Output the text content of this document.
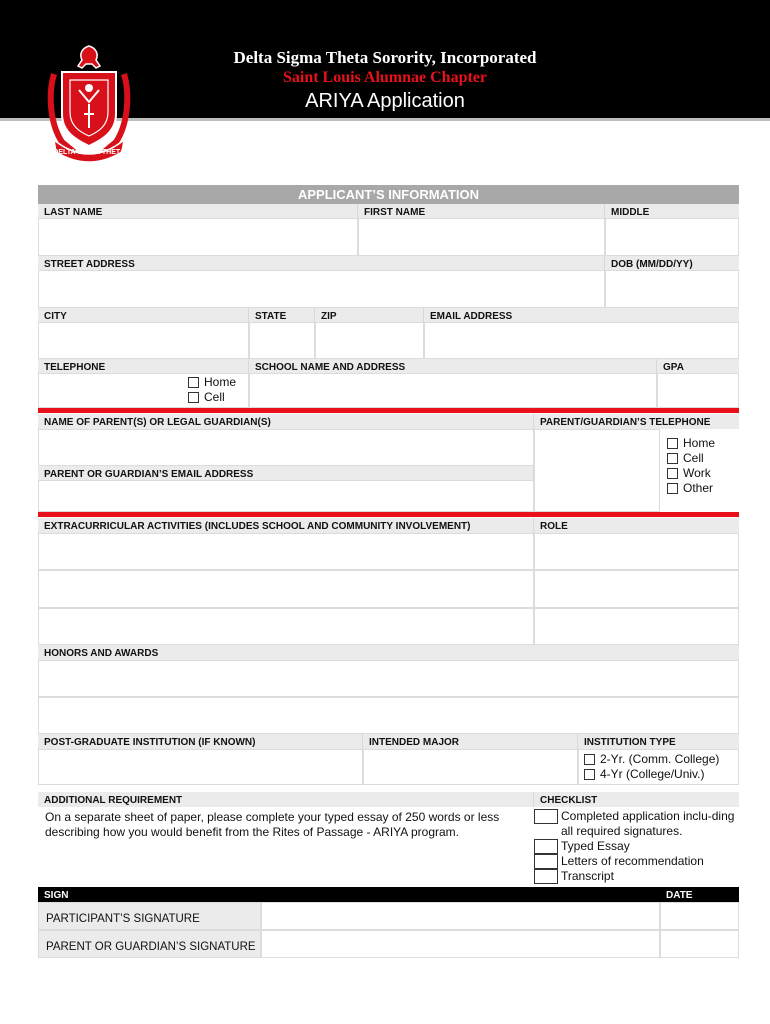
DELTA SIGMA THETA
Delta Sigma Theta Sorority, Incorporated
Saint Louis Alumnae Chapter
ARIYA Application
APPLICANT’S INFORMATION
LAST NAME	FIRST NAME	MIDDLE
STREET ADDRESS	DOB (MM/DD/YY)
CITY	STATE	ZIP	EMAIL ADDRESS
TELEPHONE	SCHOOL NAME AND ADDRESS	GPA
Home
Cell
NAME OF PARENT(S) OR LEGAL GUARDIAN(S)	PARENT/GUARDIAN’S TELEPHONE
Home
Cell
Work
Other
PARENT OR GUARDIAN’S EMAIL ADDRESS
EXTRACURRICULAR ACTIVITIES (INCLUDES SCHOOL AND COMMUNITY INVOLVEMENT)	ROLE
HONORS AND AWARDS
POST-GRADUATE INSTITUTION (IF KNOWN)	INTENDED MAJOR	INSTITUTION TYPE
2-Yr. (Comm. College)
4-Yr (College/Univ.)
ADDITIONAL REQUIREMENT	CHECKLIST
On a separate sheet of paper, please complete your typed essay of 250 words or less describing how you would benefit from the Rites of Passage - ARIYA program.
Completed application inclu-ding all required signatures.
Typed Essay
Letters of recommendation
Transcript
SIGN	DATE
PARTICIPANT’S SIGNATURE
PARENT OR GUARDIAN’S SIGNATURE
